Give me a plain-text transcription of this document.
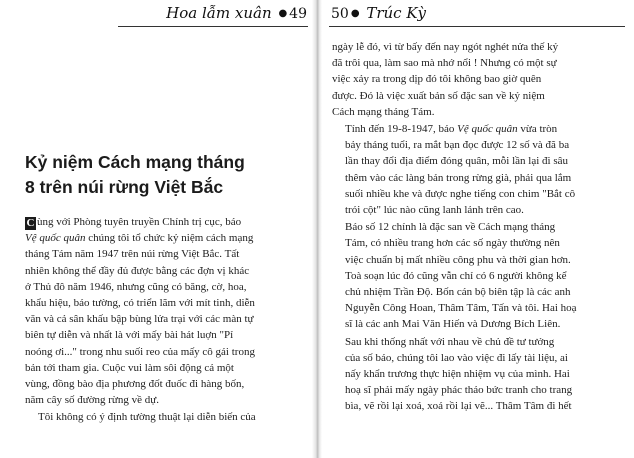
Hoa lẫm xuân ● 49
Kỷ niệm Cách mạng tháng
8 trên núi rừng Việt Bắc

C ùng với Phòng tuyên truyền Chính trị cục, báo
Vệ quốc quân chúng tôi tổ chức kỷ niệm cách mạng
tháng Tám năm 1947 trên núi rừng Việt Bắc. Tất
nhiên không thể đầy đủ được bằng các đợn vị khác
ở Thủ đô năm 1946, nhưng cũng có băng, cờ, hoa,
khẩu hiệu, báo tường, có triển lãm với mít tinh, diễn
văn và cả sân khấu bập bùng lửa trại với các màn tự
biên tự diễn và nhất là với mấy bài hát luợn "Pỉ
noóng ơi..." trong nhu suối reo của mấy cô gái trong
bản tới tham gia. Cuộc vui làm sôi động cả một
vùng, đồng bào địa phương đốt đuốc đi hàng bốn,
năm cây số đường rừng về dự.

Tôi không có ý định tường thuật lại diễn biến của

50 ● Trúc Kỳ

ngày lễ đó, vì từ bấy đến nay ngót nghét nửa thế kỷ
đã trôi qua, làm sao mà nhớ nổi ! Nhưng có một sự
việc xảy ra trong dịp đó tôi không bao giờ quên
được. Đó là việc xuất bản số đặc san về kỷ niệm
Cách mạng tháng Tám.

Tính đến 19-8-1947, báo Vệ quốc quân vừa tròn
bảy tháng tuổi, ra mắt bạn đọc được 12 số và đã ba
lần thay đổi địa điểm đóng quân, mỗi lần lại đi sâu
thêm vào các làng bản trong rừng già, phải qua lắm
suối nhiều khe và được nghe tiếng con chim "Bắt cô
trói cột" lúc nào cũng lanh lảnh trên cao.

Báo số 12 chính là đặc san về Cách mạng tháng
Tám, có nhiều trang hơn các số ngày thường nên
việc chuẩn bị mất nhiều công phu và thời gian hơn.
Toà soạn lúc đó cũng vẫn chỉ có 6 người không kể
chủ nhiệm Trần Độ. Bốn cán bộ biên tập là các anh
Nguyễn Công Hoan, Thâm Tâm, Tấn và tôi. Hai hoạ
sĩ là các anh Mai Văn Hiến và Dương Bích Liên.

Sau khi thống nhất với nhau về chủ đề tư tưởng
của số báo, chúng tôi lao vào việc đi lấy tài liệu, ai
nấy khẩn trương thực hiện nhiệm vụ của mình. Hai
hoạ sĩ phải mấy ngày phác thảo bức tranh cho trang
bìa, vẽ rồi lại xoá, xoá rồi lại vẽ... Thâm Tâm đi hết
